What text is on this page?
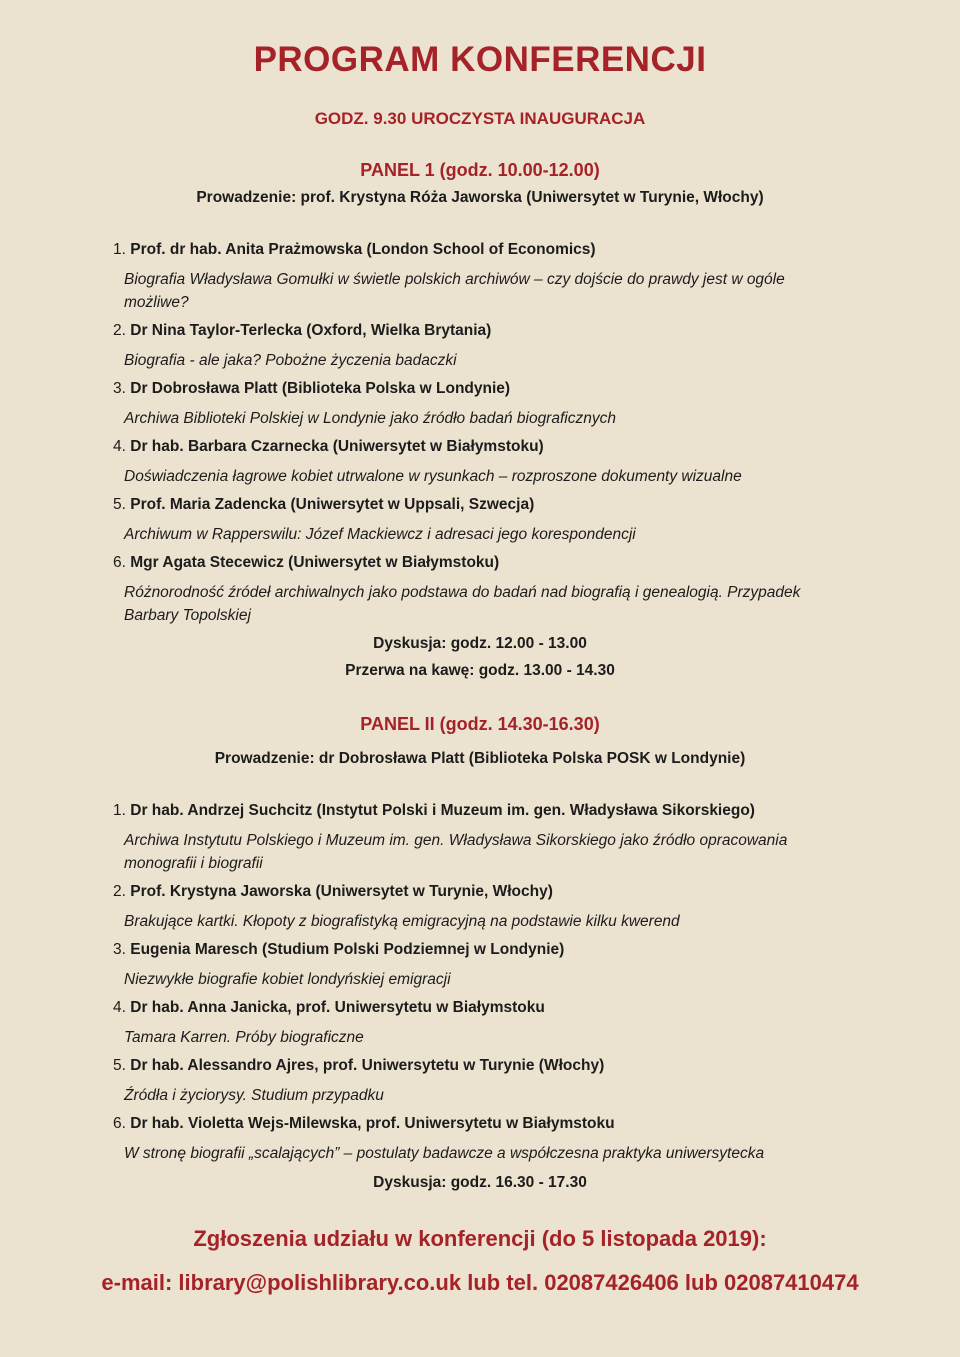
PROGRAM KONFERENCJI
GODZ. 9.30 UROCZYSTA INAUGURACJA
PANEL 1 (godz. 10.00-12.00)
Prowadzenie: prof. Krystyna Róża Jaworska (Uniwersytet w Turynie, Włochy)
1. Prof. dr hab. Anita Prażmowska (London School of Economics)
Biografia Władysława Gomułki w świetle polskich archiwów – czy dojście do prawdy jest w ogóle możliwe?
2. Dr Nina Taylor-Terlecka (Oxford, Wielka Brytania)
Biografia - ale jaka? Pobożne życzenia badaczki
3. Dr Dobrosława Platt (Biblioteka Polska w Londynie)
Archiwa Biblioteki Polskiej w Londynie jako źródło badań biograficznych
4. Dr hab. Barbara Czarnecka (Uniwersytet w Białymstoku)
Doświadczenia łagrowe kobiet utrwalone w rysunkach – rozproszone dokumenty wizualne
5. Prof. Maria Zadencka (Uniwersytet w Uppsali, Szwecja)
Archiwum w Rapperswilu: Józef Mackiewcz i adresaci jego korespondencji
6. Mgr Agata Stecewicz (Uniwersytet w Białymstoku)
Różnorodność źródeł archiwalnych jako podstawa do badań nad biografią i genealogią. Przypadek Barbary Topolskiej
Dyskusja: godz. 12.00 - 13.00
Przerwa na kawę: godz. 13.00 - 14.30
PANEL II (godz. 14.30-16.30)
Prowadzenie: dr Dobrosława Platt (Biblioteka Polska POSK w Londynie)
1. Dr hab. Andrzej Suchcitz (Instytut Polski i Muzeum im. gen. Władysława Sikorskiego)
Archiwa Instytutu Polskiego i Muzeum im. gen. Władysława Sikorskiego jako źródło opracowania monografii i biografii
2. Prof. Krystyna Jaworska (Uniwersytet w Turynie, Włochy)
Brakujące kartki. Kłopoty z biografistyką emigracyjną na podstawie kilku kwerend
3. Eugenia Maresch (Studium Polski Podziemnej w Londynie)
Niezwykłe biografie kobiet londyńskiej emigracji
4. Dr hab. Anna Janicka, prof. Uniwersytetu w Białymstoku
Tamara Karren. Próby biograficzne
5. Dr hab. Alessandro Ajres, prof. Uniwersytetu w Turynie (Włochy)
Źródła i życiorysy. Studium przypadku
6. Dr hab. Violetta Wejs-Milewska, prof. Uniwersytetu w Białymstoku
W stronę biografii „scalających” – postulaty badawcze a współczesna praktyka uniwersytecka
Dyskusja: godz. 16.30 - 17.30
Zgłoszenia udziału w konferencji (do 5 listopada 2019):
e-mail: library@polishlibrary.co.uk lub tel. 02087426406 lub 02087410474
